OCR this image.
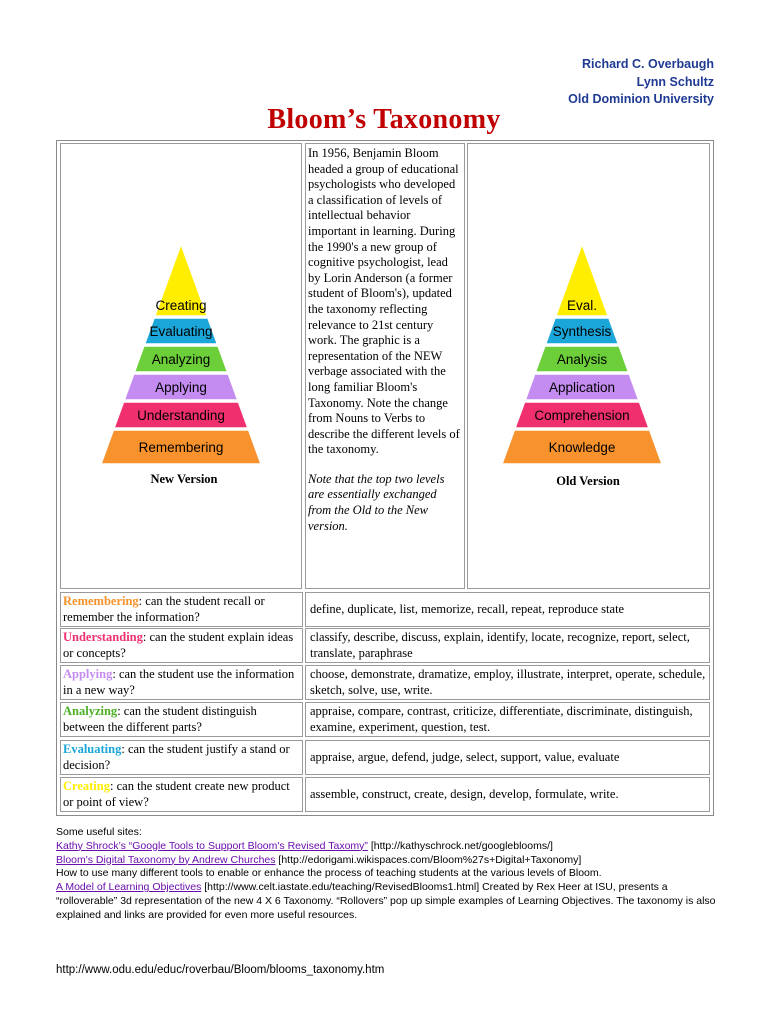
Richard C. Overbaugh
Lynn Schultz
Old Dominion University
Bloom’s Taxonomy
Creating
Evaluating
Analyzing
Applying
Understanding
Remembering
New Version
Eval.
Synthesis
Analysis
Application
Comprehension
Knowledge
Old Version
In 1956, Benjamin Bloom headed a group of educational psychologists who developed a classification of levels of intellectual behavior important in learning. During the 1990's a new group of cognitive psychologist, lead by Lorin Anderson (a former student of Bloom's), updated the taxonomy reflecting relevance to 21st century work. The graphic is a representation of the NEW verbage associated with the long familiar Bloom's Taxonomy. Note the change from Nouns to Verbs to describe the different levels of the taxonomy.
Note that the top two levels are essentially exchanged from the Old to the New version.
Remembering: can the student recall or remember the information?
define, duplicate, list, memorize, recall, repeat, reproduce state
Understanding: can the student explain ideas or concepts?
classify, describe, discuss, explain, identify, locate, recognize, report, select, translate, paraphrase
Applying: can the student use the information in a new way?
choose, demonstrate, dramatize, employ, illustrate, interpret, operate, schedule, sketch, solve, use, write.
Analyzing: can the student distinguish between the different parts?
appraise, compare, contrast, criticize, differentiate, discriminate, distinguish, examine, experiment, question, test.
Evaluating: can the student justify a stand or decision?
appraise, argue, defend, judge, select, support, value, evaluate
Creating: can the student create new product or point of view?
assemble, construct, create, design, develop, formulate, write.
Some useful sites:
Kathy Shrock’s “Google Tools to Support Bloom's Revised Taxomy” [http://kathyschrock.net/googleblooms/]
Bloom's Digital Taxonomy by Andrew Churches [http://edorigami.wikispaces.com/Bloom%27s+Digital+Taxonomy]
How to use many different tools to enable or enhance the process of teaching students at the various levels of Bloom.
A Model of Learning Objectives [http://www.celt.iastate.edu/teaching/RevisedBlooms1.html] Created by Rex Heer at ISU, presents a “rolloverable” 3d representation of the new 4 X 6 Taxonomy. “Rollovers” pop up simple examples of Learning Objectives. The taxonomy is also explained and links are provided for even more useful resources.
http://www.odu.edu/educ/roverbau/Bloom/blooms_taxonomy.htm
